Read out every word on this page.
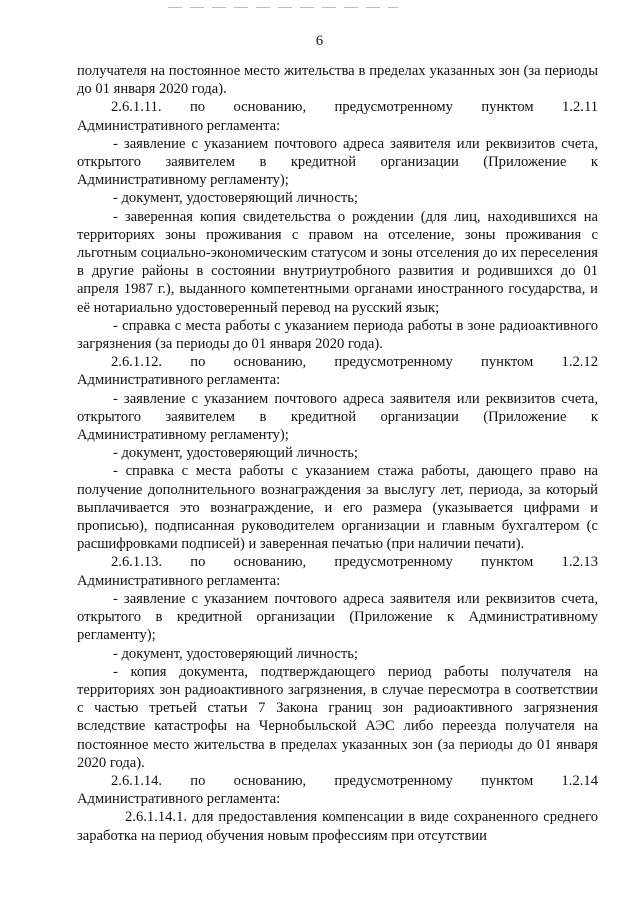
6

получателя на постоянное место жительства в пределах указанных зон (за периоды до 01 января 2020 года).

2.6.1.11. по основанию, предусмотренному пунктом 1.2.11

Административного регламента:

- заявление с указанием почтового адреса заявителя или реквизитов счета, открытого заявителем в кредитной организации (Приложение к Административному регламенту);

- документ, удостоверяющий личность;

- заверенная копия свидетельства о рождении (для лиц, находившихся на территориях зоны проживания с правом на отселение, зоны проживания с льготным социально-экономическим статусом и зоны отселения до их переселения в другие районы в состоянии внутриутробного развития и родившихся до 01 апреля 1987 г.), выданного компетентными органами иностранного государства, и её нотариально удостоверенный перевод на русский язык;

- справка с места работы с указанием периода работы в зоне радиоактивного загрязнения (за периоды до 01 января 2020 года).

2.6.1.12. по основанию, предусмотренному пунктом 1.2.12

Административного регламента:

- заявление с указанием почтового адреса заявителя или реквизитов счета, открытого заявителем в кредитной организации (Приложение к Административному регламенту);

- документ, удостоверяющий личность;

- справка с места работы с указанием стажа работы, дающего право на получение дополнительного вознаграждения за выслугу лет, периода, за который выплачивается это вознаграждение, и его размера (указывается цифрами и прописью), подписанная руководителем организации и главным бухгалтером (с расшифровками подписей) и заверенная печатью (при наличии печати).

2.6.1.13. по основанию, предусмотренному пунктом 1.2.13

Административного регламента:

- заявление с указанием почтового адреса заявителя или реквизитов счета, открытого в кредитной организации (Приложение к Административному регламенту);

- документ, удостоверяющий личность;

- копия документа, подтверждающего период работы получателя на территориях зон радиоактивного загрязнения, в случае пересмотра в соответствии с частью третьей статьи 7 Закона границ зон радиоактивного загрязнения вследствие катастрофы на Чернобыльской АЭС либо переезда получателя на постоянное место жительства в пределах указанных зон (за периоды до 01 января 2020 года).

2.6.1.14. по основанию, предусмотренному пунктом 1.2.14

Административного регламента:

2.6.1.14.1. для предоставления компенсации в виде сохраненного среднего заработка на период обучения новым профессиям при отсутствии
